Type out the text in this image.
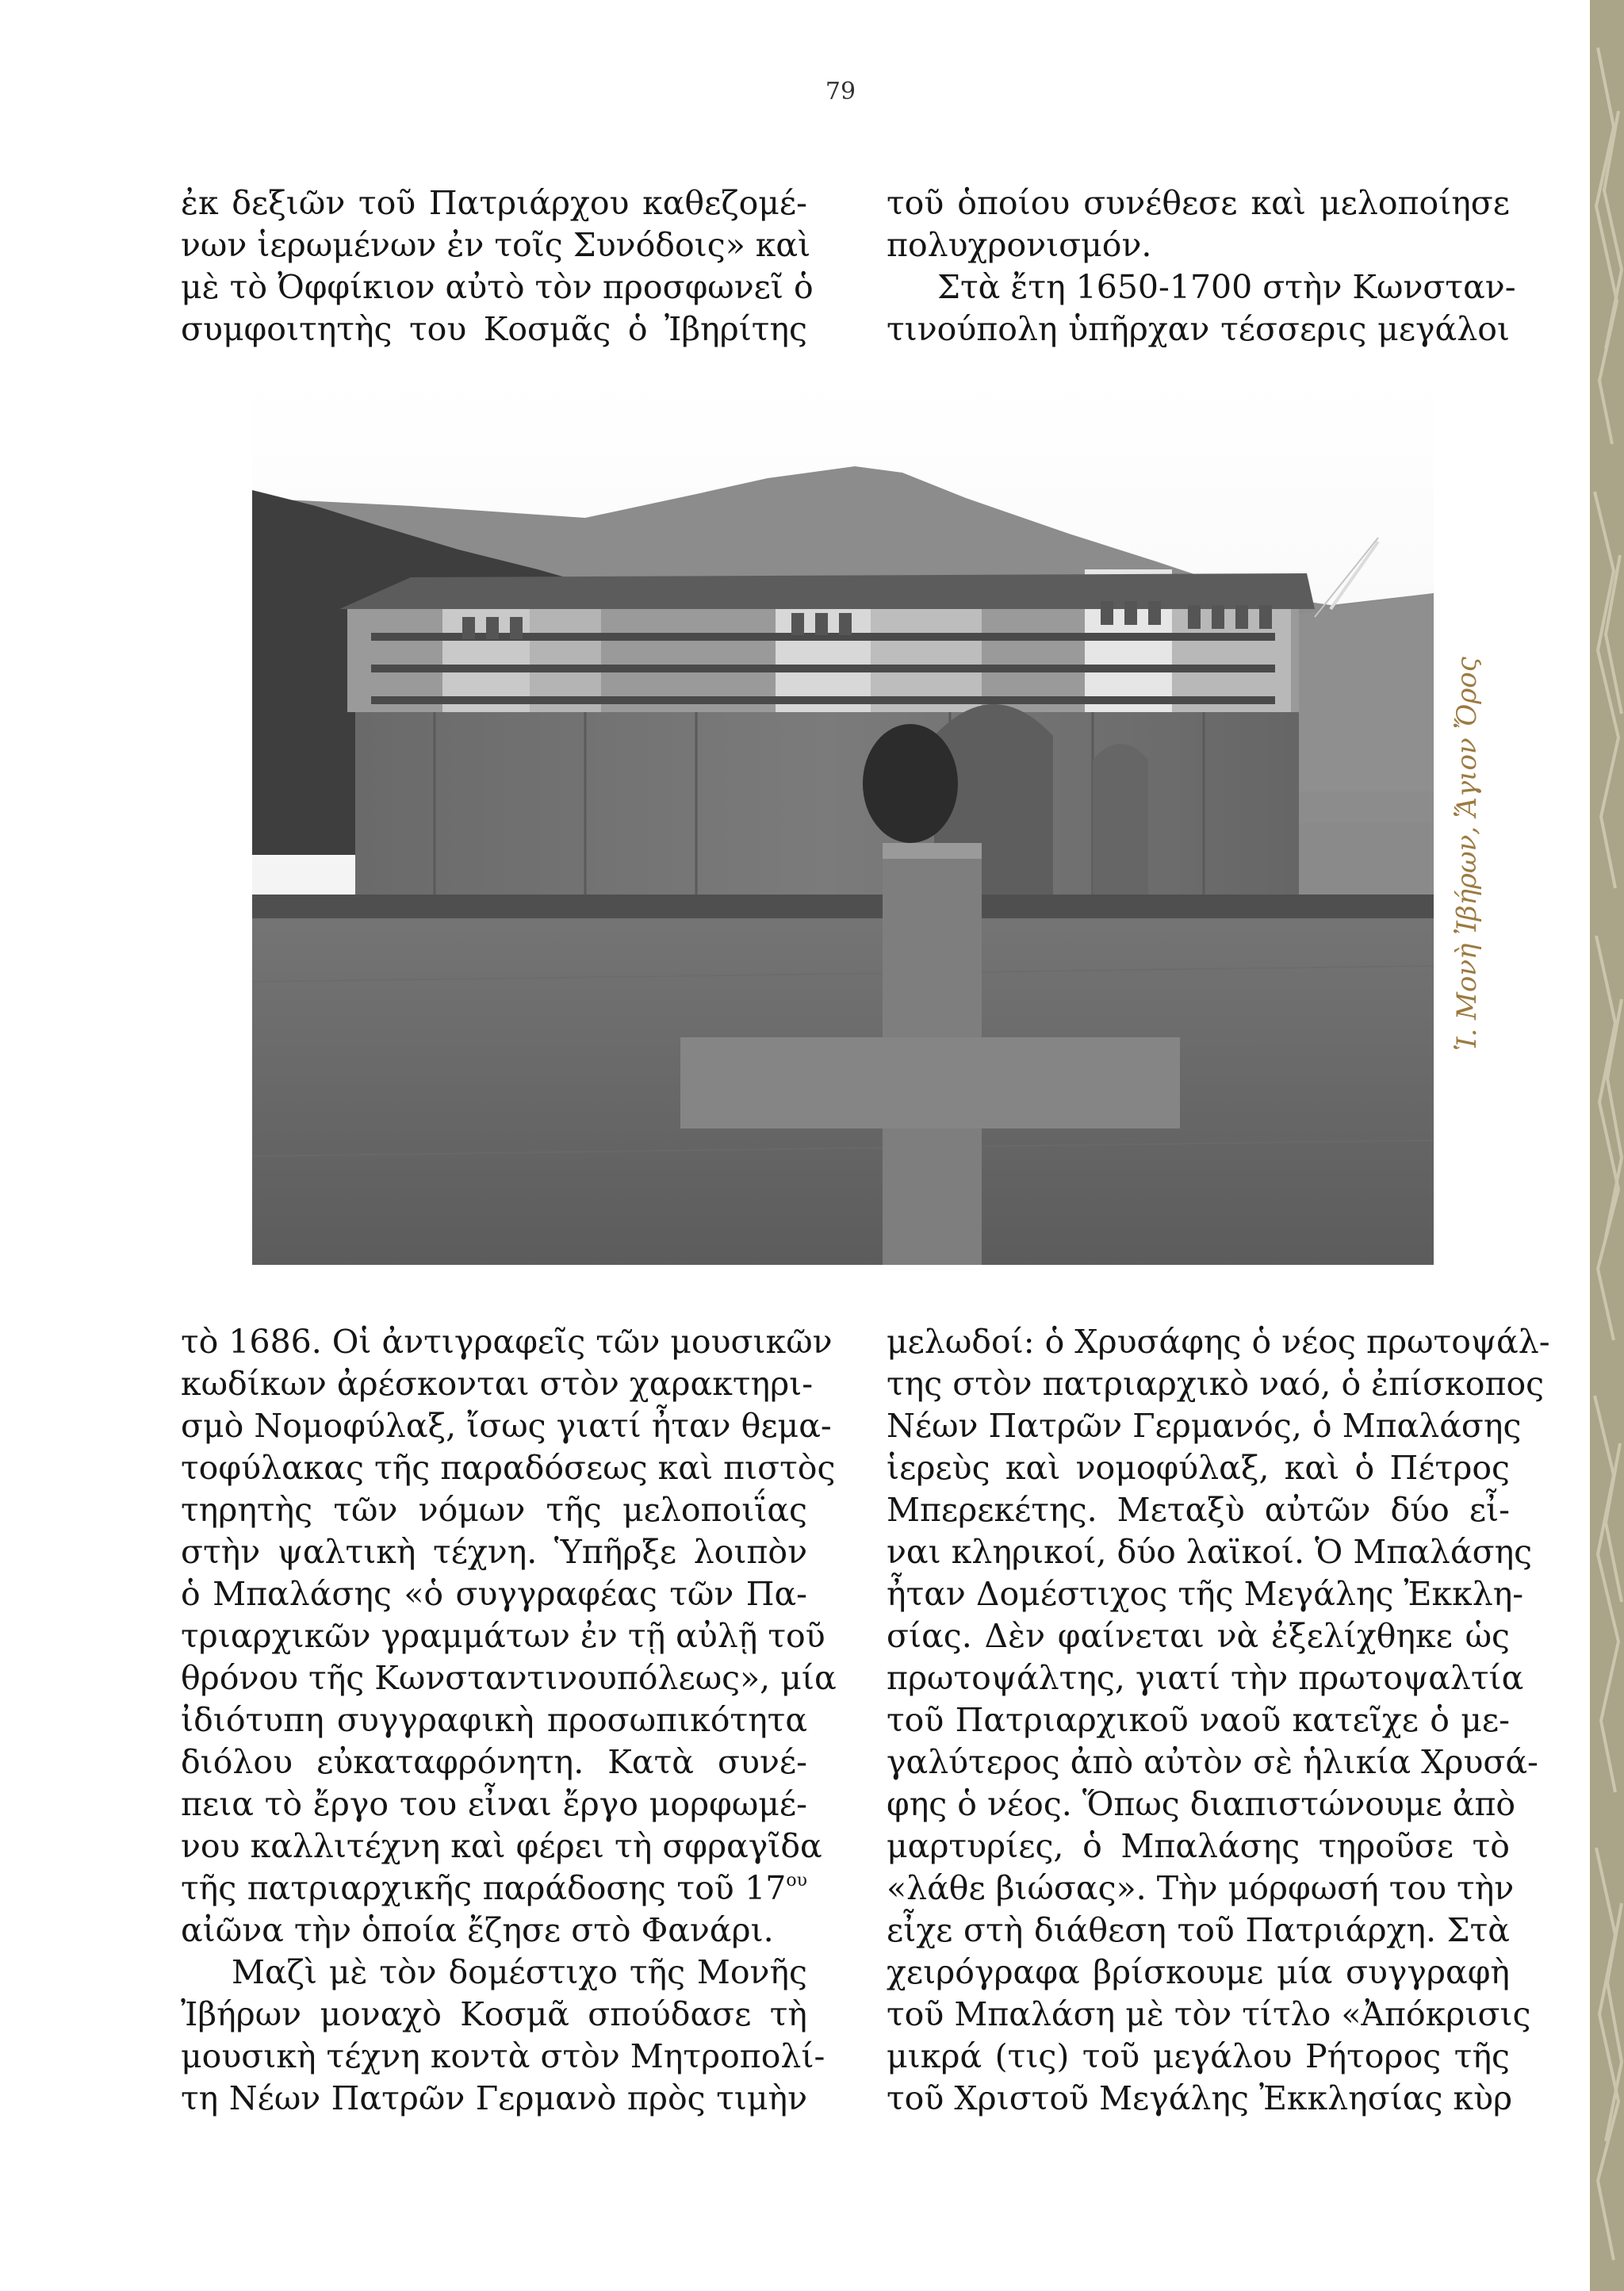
79
ἐκ δεξιῶν τοῦ Πατριάρχου καθεζομέ-
νων ἱερωμένων ἐν τοῖς Συνόδοις» καὶ
μὲ τὸ Ὀφφίκιον αὐτὸ τὸν προσφωνεῖ ὁ
συμφοιτητὴς του Κοσμᾶς ὁ Ἰβηρίτης
τοῦ ὁποίου συνέθεσε καὶ μελοποίησε
πολυχρονισμόν.
Στὰ ἔτη 1650-1700 στὴν Κωνσταν-
τινούπολη ὑπῆρχαν τέσσερις μεγάλοι
Ἱ. Μονὴ Ἰβήρων, Ἅγιον Ὄρος
τὸ 1686. Οἱ ἀντιγραφεῖς τῶν μουσικῶν
κωδίκων ἀρέσκονται στὸν χαρακτηρι-
σμὸ Νομοφύλαξ, ἴσως γιατί ἦταν θεμα-
τοφύλακας τῆς παραδόσεως καὶ πιστὸς
τηρητὴς τῶν νόμων τῆς μελοποιΐας
στὴν ψαλτικὴ τέχνη. Ὑπῆρξε λοιπὸν
ὁ Μπαλάσης «ὁ συγγραφέας τῶν Πα-
τριαρχικῶν γραμμάτων ἐν τῇ αὐλῇ τοῦ
θρόνου τῆς Κωνσταντινουπόλεως», μία
ἰδιότυπη συγγραφικὴ προσωπικότητα
διόλου εὐκαταφρόνητη. Κατὰ συνέ-
πεια τὸ ἔργο του εἶναι ἔργο μορφωμέ-
νου καλλιτέχνη καὶ φέρει τὴ σφραγῖδα
τῆς πατριαρχικῆς παράδοσης τοῦ $17^{o\upsilon}$
αἰῶνα τὴν ὁποία ἔζησε στὸ Φανάρι.
Μαζὶ μὲ τὸν δομέστιχο τῆς Μονῆς
Ἰβήρων μοναχὸ Κοσμᾶ σπούδασε τὴ
μουσικὴ τέχνη κοντὰ στὸν Μητροπολί-
τη Νέων Πατρῶν Γερμανὸ πρὸς τιμὴν
μελωδοί: ὁ Χρυσάφης ὁ νέος πρωτοψάλ-
της στὸν πατριαρχικὸ ναό, ὁ ἐπίσκοπος
Νέων Πατρῶν Γερμανός, ὁ Μπαλάσης
ἱερεὺς καὶ νομοφύλαξ, καὶ ὁ Πέτρος
Μπερεκέτης. Μεταξὺ αὐτῶν δύο εἶ-
ναι κληρικοί, δύο λαϊκοί. Ὁ Μπαλάσης
ἦταν Δομέστιχος τῆς Μεγάλης Ἐκκλη-
σίας. Δὲν φαίνεται νὰ ἐξελίχθηκε ὡς
πρωτοψάλτης, γιατί τὴν πρωτοψαλτία
τοῦ Πατριαρχικοῦ ναοῦ κατεῖχε ὁ με-
γαλύτερος ἀπὸ αὐτὸν σὲ ἡλικία Χρυσά-
φης ὁ νέος. Ὅπως διαπιστώνουμε ἀπὸ
μαρτυρίες, ὁ Μπαλάσης τηροῦσε τὸ
«λάθε βιώσας». Τὴν μόρφωσή του τὴν
εἶχε στὴ διάθεση τοῦ Πατριάρχη. Στὰ
χειρόγραφα βρίσκουμε μία συγγραφὴ
τοῦ Μπαλάση μὲ τὸν τίτλο «Ἀπόκρισις
μικρά (τις) τοῦ μεγάλου Ρήτορος τῆς
τοῦ Χριστοῦ Μεγάλης Ἐκκλησίας κὺρ
